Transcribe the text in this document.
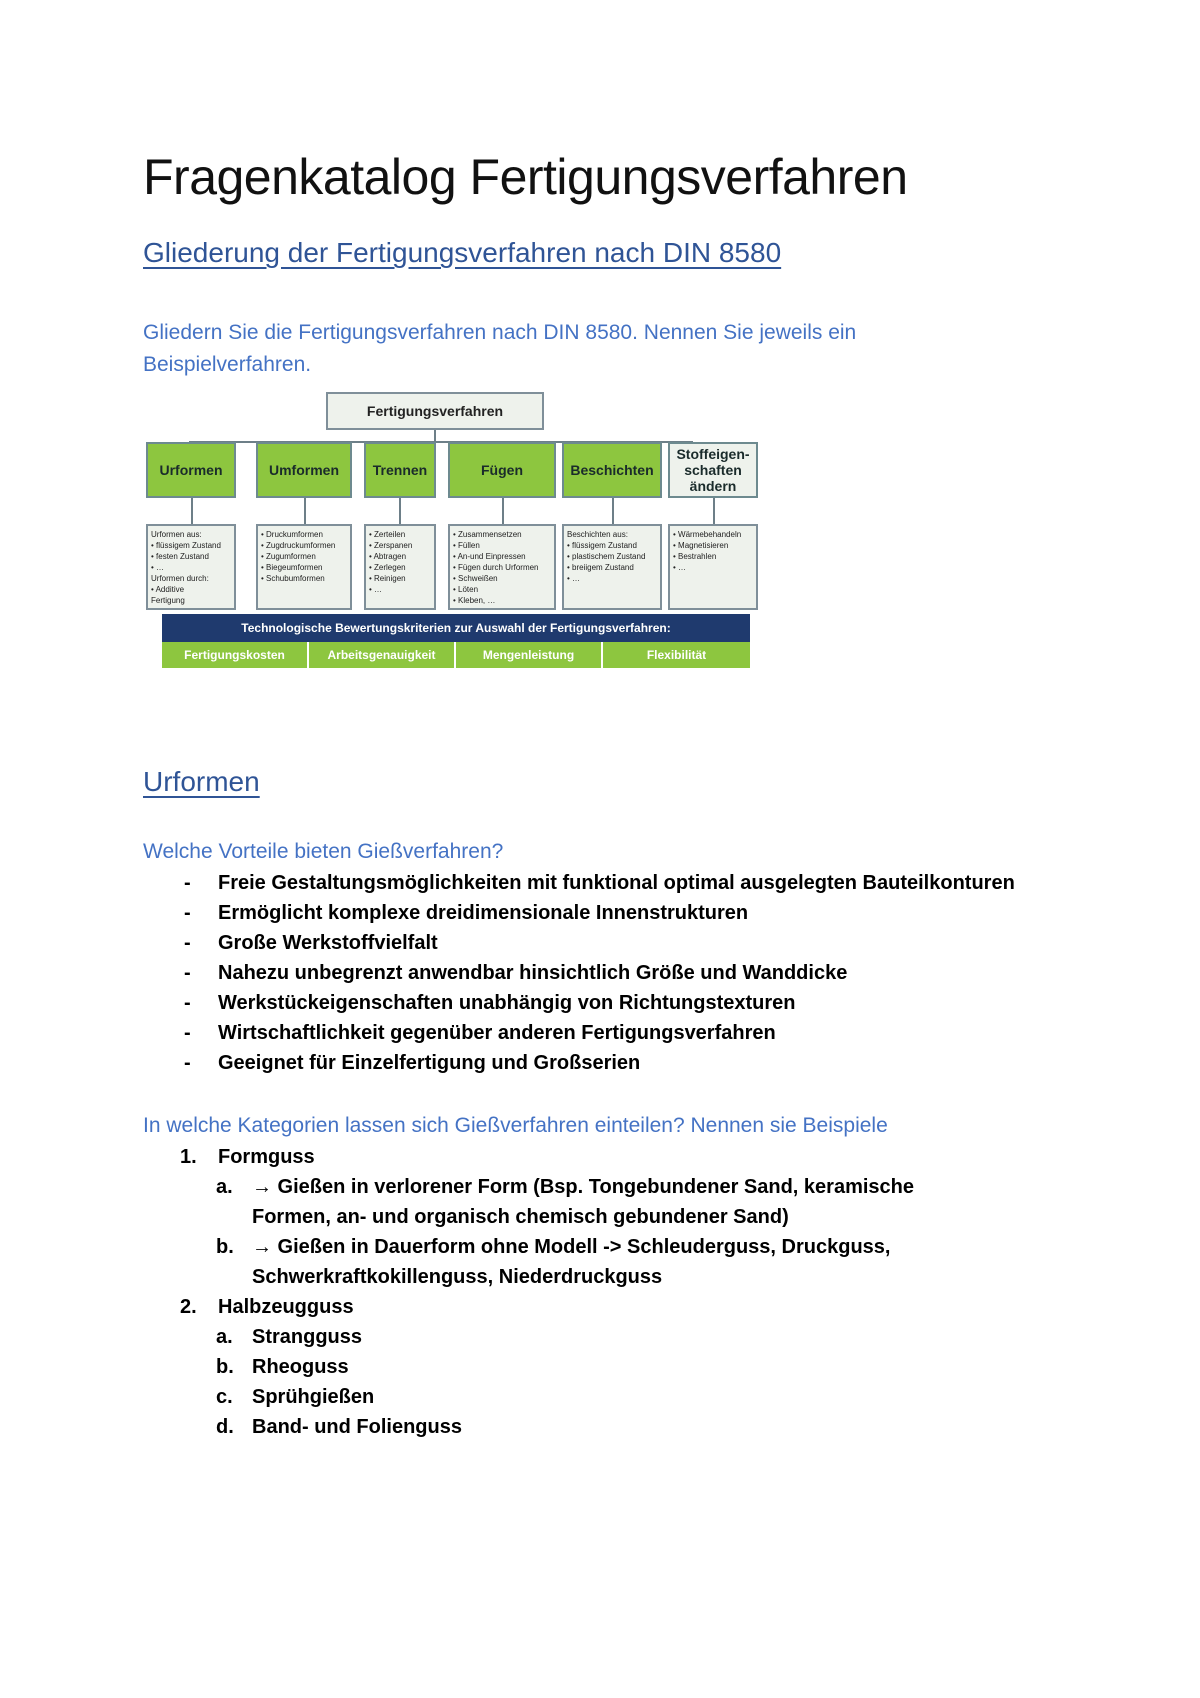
Fragenkatalog Fertigungsverfahren
Gliederung der Fertigungsverfahren nach DIN 8580
Gliedern Sie die Fertigungsverfahren nach DIN 8580. Nennen Sie jeweils ein Beispielverfahren.
Fertigungsverfahren
Urformen	Umformen	Trennen	Fügen	Beschichten
Stoffeigen-schaften ändern
Urformen aus:
• flüssigem Zustand
• festen Zustand
• …
Urformen durch:
• Additive
Fertigung
• Druckumformen
• Zugdruckumformen
• Zugumformen
• Biegeumformen
• Schubumformen
• Zerteilen
• Zerspanen
• Abtragen
• Zerlegen
• Reinigen
• …
• Zusammensetzen
• Füllen
• An-und Einpressen
• Fügen durch Urformen
• Schweißen
• Löten
• Kleben, …
Beschichten aus:
• flüssigem Zustand
• plastischem Zustand
• breiigem Zustand
• …
• Wärmebehandeln
• Magnetisieren
• Bestrahlen
• …
Technologische Bewertungskriterien zur Auswahl der Fertigungsverfahren:
Fertigungskosten	Arbeitsgenauigkeit	Mengenleistung	Flexibilität
Urformen
Welche Vorteile bieten Gießverfahren?
- Freie Gestaltungsmöglichkeiten mit funktional optimal ausgelegten Bauteilkonturen
- Ermöglicht komplexe dreidimensionale Innenstrukturen
- Große Werkstoffvielfalt
- Nahezu unbegrenzt anwendbar hinsichtlich Größe und Wanddicke
- Werkstückeigenschaften unabhängig von Richtungstexturen
- Wirtschaftlichkeit gegenüber anderen Fertigungsverfahren
- Geeignet für Einzelfertigung und Großserien
In welche Kategorien lassen sich Gießverfahren einteilen? Nennen sie Beispiele
1. Formguss
a. → Gießen in verlorener Form (Bsp. Tongebundener Sand, keramische Formen, an- und organisch chemisch gebundener Sand)
b. → Gießen in Dauerform ohne Modell -> Schleuderguss, Druckguss, Schwerkraftkokillenguss, Niederdruckguss
2. Halbzeugguss
a. Strangguss
b. Rheoguss
c. Sprühgießen
d. Band- und Folienguss
